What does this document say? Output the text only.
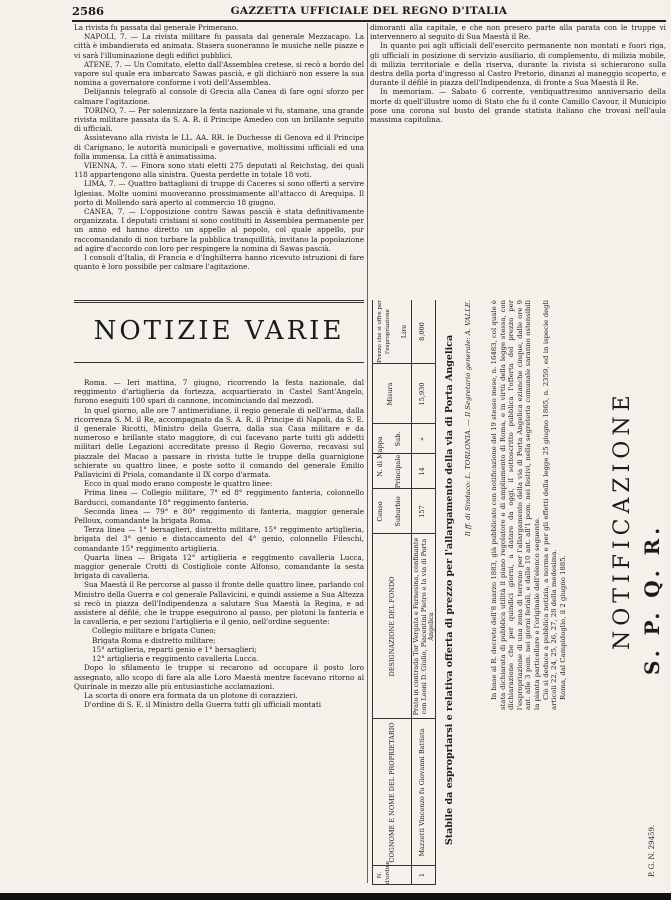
2586	GAZZETTA UFFICIALE DEL REGNO D'ITALIA

La rivista fu passata dal generale Primerano.

NAPOLI, 7. — La rivista militare fu passata dal generale Mezzacapo. La città è imbandierata ed animata. Stasera suoneranno le musiche nelle piazze e vi sarà l'illuminazione degli edifici pubblici.

ATENE, 7. — Un Comitato, eletto dall'Assemblea cretese, si recò a bordo del vapore sul quale era imbarcato Sawas pascià, e gli dichiarò non essere la sua nomina a governatore conforme i voti dell'Assemblea.

Delijannis telegrafò al console di Grecia alla Canea di fare ogni sforzo per calmare l'agitazione.

TORINO, 7. — Per solennizzare la festa nazionale vi fu, stamane, una grande rivista militare passata da S. A. R. il Principe Amedeo con un brillante seguito di ufficiali.

Assistevano alla rivista le LL. AA. RR. le Duchesse di Genova ed il Principe di Carignano, le autorità municipali e governative, moltissimi ufficiali ed una folla immensa. La città è animatissima.

VIENNA, 7. — Finora sono stati eletti 275 deputati al Reichstag, dei quali 118 appartengono alla sinistra. Questa perdette in totale 18 voti.

LIMA, 7. — Quattro battaglioni di truppe di Caceres si sono offerti a servire Iglesias. Molte uomini muoveranno prossimamente all'attacco di Arequipa. Il porto di Mollendo sarà aperto al commercio 18 giugno.

CANEA, 7. — L'opposizione contro Sawas pascià è stata definitivamente organizzata. I deputati cristiani si sono costituiti in Assemblea permanente per un anno ed hanno diretto un appello al popolo, col quale appello, pur raccomandando di non turbare la pubblica tranquillità, invitano la popolazione ad agire d'accordo con loro per respingere la nomina di Sawas pascià.

I consoli d'Italia, di Francia e d'Inghilterra hanno ricevuto istruzioni di fare quanto è loro possibile per calmare l'agitazione.

NOTIZIE VARIE

Roma. — Ieri mattina, 7 giugno, ricorrendo la festa nazionale, dal reggimento d'artiglieria da fortezza, acquartierato in Castel Sant'Angelo, furono eseguiti 100 spari di cannone, incominciando dal mezzodì.

In quel giorno, alle ore 7 antimeridiane, il regio generale di nell'arma, dalla ricorrenza S. M. il Re, accompagnato da S. A. R. il Principe di Napoli, da S. E. il generale Ricotti, Ministro della Guerra, dalla sua Casa militare e da numeroso e brillante stato maggiore, di cui facevano parte tutti gli addetti militari delle Legazioni accreditate presso il Regio Governo, recavasi sul piazzale del Macao a passare in rivista tutte le truppe della guarnigione schierate su quattro linee, e poste sotto il comando del generale Emilio Pallavicini di Priola, comandante il IX corpo d'armata.

Ecco in qual modo erano composte le quattro linee:

Prima linea — Collegio militare, 7° ed 8° reggimento fanteria, colonnello Barducci, comandante 18° reggimento fanteria.

Seconda linea — 79° e 80° reggimento di fanteria, maggior generale Pelloux, comandante la brigata Roma.

Terza linea — 1° bersaglieri, distretto militare, 15° reggimento artiglieria, brigata del 3° genio e distaccamento del 4° genio, colonnello Fileschi, comandante 15° reggimento artiglieria.

Quarta linea — Brigata 12° artiglieria e reggimento cavalleria Lucca, maggior generale Crotti di Costigliole conte Alfonso, comandante la sesta brigata di cavalleria.

Sua Maestà il Re percorse al passo il fronte delle quattro linee, parlando col Ministro della Guerra e col generale Pallavicini, e quindi assieme a Sua Altezza si recò in piazza dell'Indipendenza a salutare Sua Maestà la Regina, e ad assistere al défilé, che le truppe eseguirono al passo, per plotoni la fanteria e la cavalleria, e per sezioni l'artiglieria e il genio, nell'ordine seguente:

Collegio militare e brigata Cuneo;

Brigata Roma e distretto militare;

15° artiglieria, reparti genio e 1° bersaglieri;

12° artiglieria e reggimento cavalleria Lucca.

Dopo lo sfilamento le truppe si recarono ad occupare il posto loro assegnato, allo scopo di fare ala alle Loro Maestà mentre facevano ritorno al Quirinale in mezzo alle più entusiastiche acclamazioni.

La scorta di onore era formata da un plotone di corazzieri.

D'ordine di S. E. il Ministro della Guerra tutti gli ufficiali montati

dimoranti alla capitale, e che non presero parte alla parata con le truppe vi intervennero al seguito di Sua Maestà il Re.

In quanto poi agli ufficiali dell'esercito permanente non montati e fuori riga, gli ufficiali in posizione di servizio ausiliario, di complemento, di milizia mobile, di milizia territoriale e della riserva, durante la rivista si schierarono sulla destra della porta d'ingresso al Castro Pretorio, dinanzi al maneggio scoperto, e durante il défilé in piazza dell'Indipendenza, di fronte a Sua Maestà il Re.

In memoriam. — Sabato 6 corrente, ventiquattresimo anniversario della morte di quell'illustre uomo di Stato che fu il conte Camillo Cavour, il Municipio pose una corona sul busto del grande statista italiano che trovasi nell'aula massima capitolina.

N. d'ordine
COGNOME E NOME DEL PROPRIETARIO
DESIGNAZIONE DEL FONDO
Censo Suburbio
N. di Mappa Principale
Sub.
Misura
Prezzo che si offre per l'espropriazione Lire
1
Mazzetti Vincenzo fu Giovanni Battista
Prato in contrada Tor Vergata e Farnesina, confinante con Leoni D. Giulio, Piacentini Pietro e la via di Porta Angelica
157
14
»
15,930
8,000
Stabile da espropriarsi e relativa offerta di prezzo per l'allargamento della via di Porta Angelica Il ff. di Sindaco: L. TORLONIA. — Il Segretario generale: A. VALLE.	In base al R. decreto dell'8 marzo 1883, già pubblicato con notificazione del 19 stesso mese, n. 16483, col quale è stata dichiarata di pubblica utilità il piano regolatore e di ampliamento di Roma, e in virtù della legge stessa, con dichiarazione che per quindici giorni, a datare da oggi, il sottoscritto pubblica l'offerta del prezzo per l'espropriazione di una zona di terreno per l'allargamento della via di Porta Angelica ezianche cinque, dalle ore 9 ant. alle 3 pom. nei giorni feriali, e dalle 10 ant. all'1 pom. nei festivi, nella segreteria comunale saranno ostensibili la pianta particellare e l'originale dell'elenco seguente. Ciò si deduce a pubblica notizia, a norma e per gli effetti della legge 25 giugno 1865, n. 2359, ed in ispecie degli articoli 22, 24, 25, 26, 27, 28 della medesima. Roma, dal Campidoglio, il 2 giugno 1885. NOTIFICAZIONE S. P. Q. R.
P. G. N. 29459.
